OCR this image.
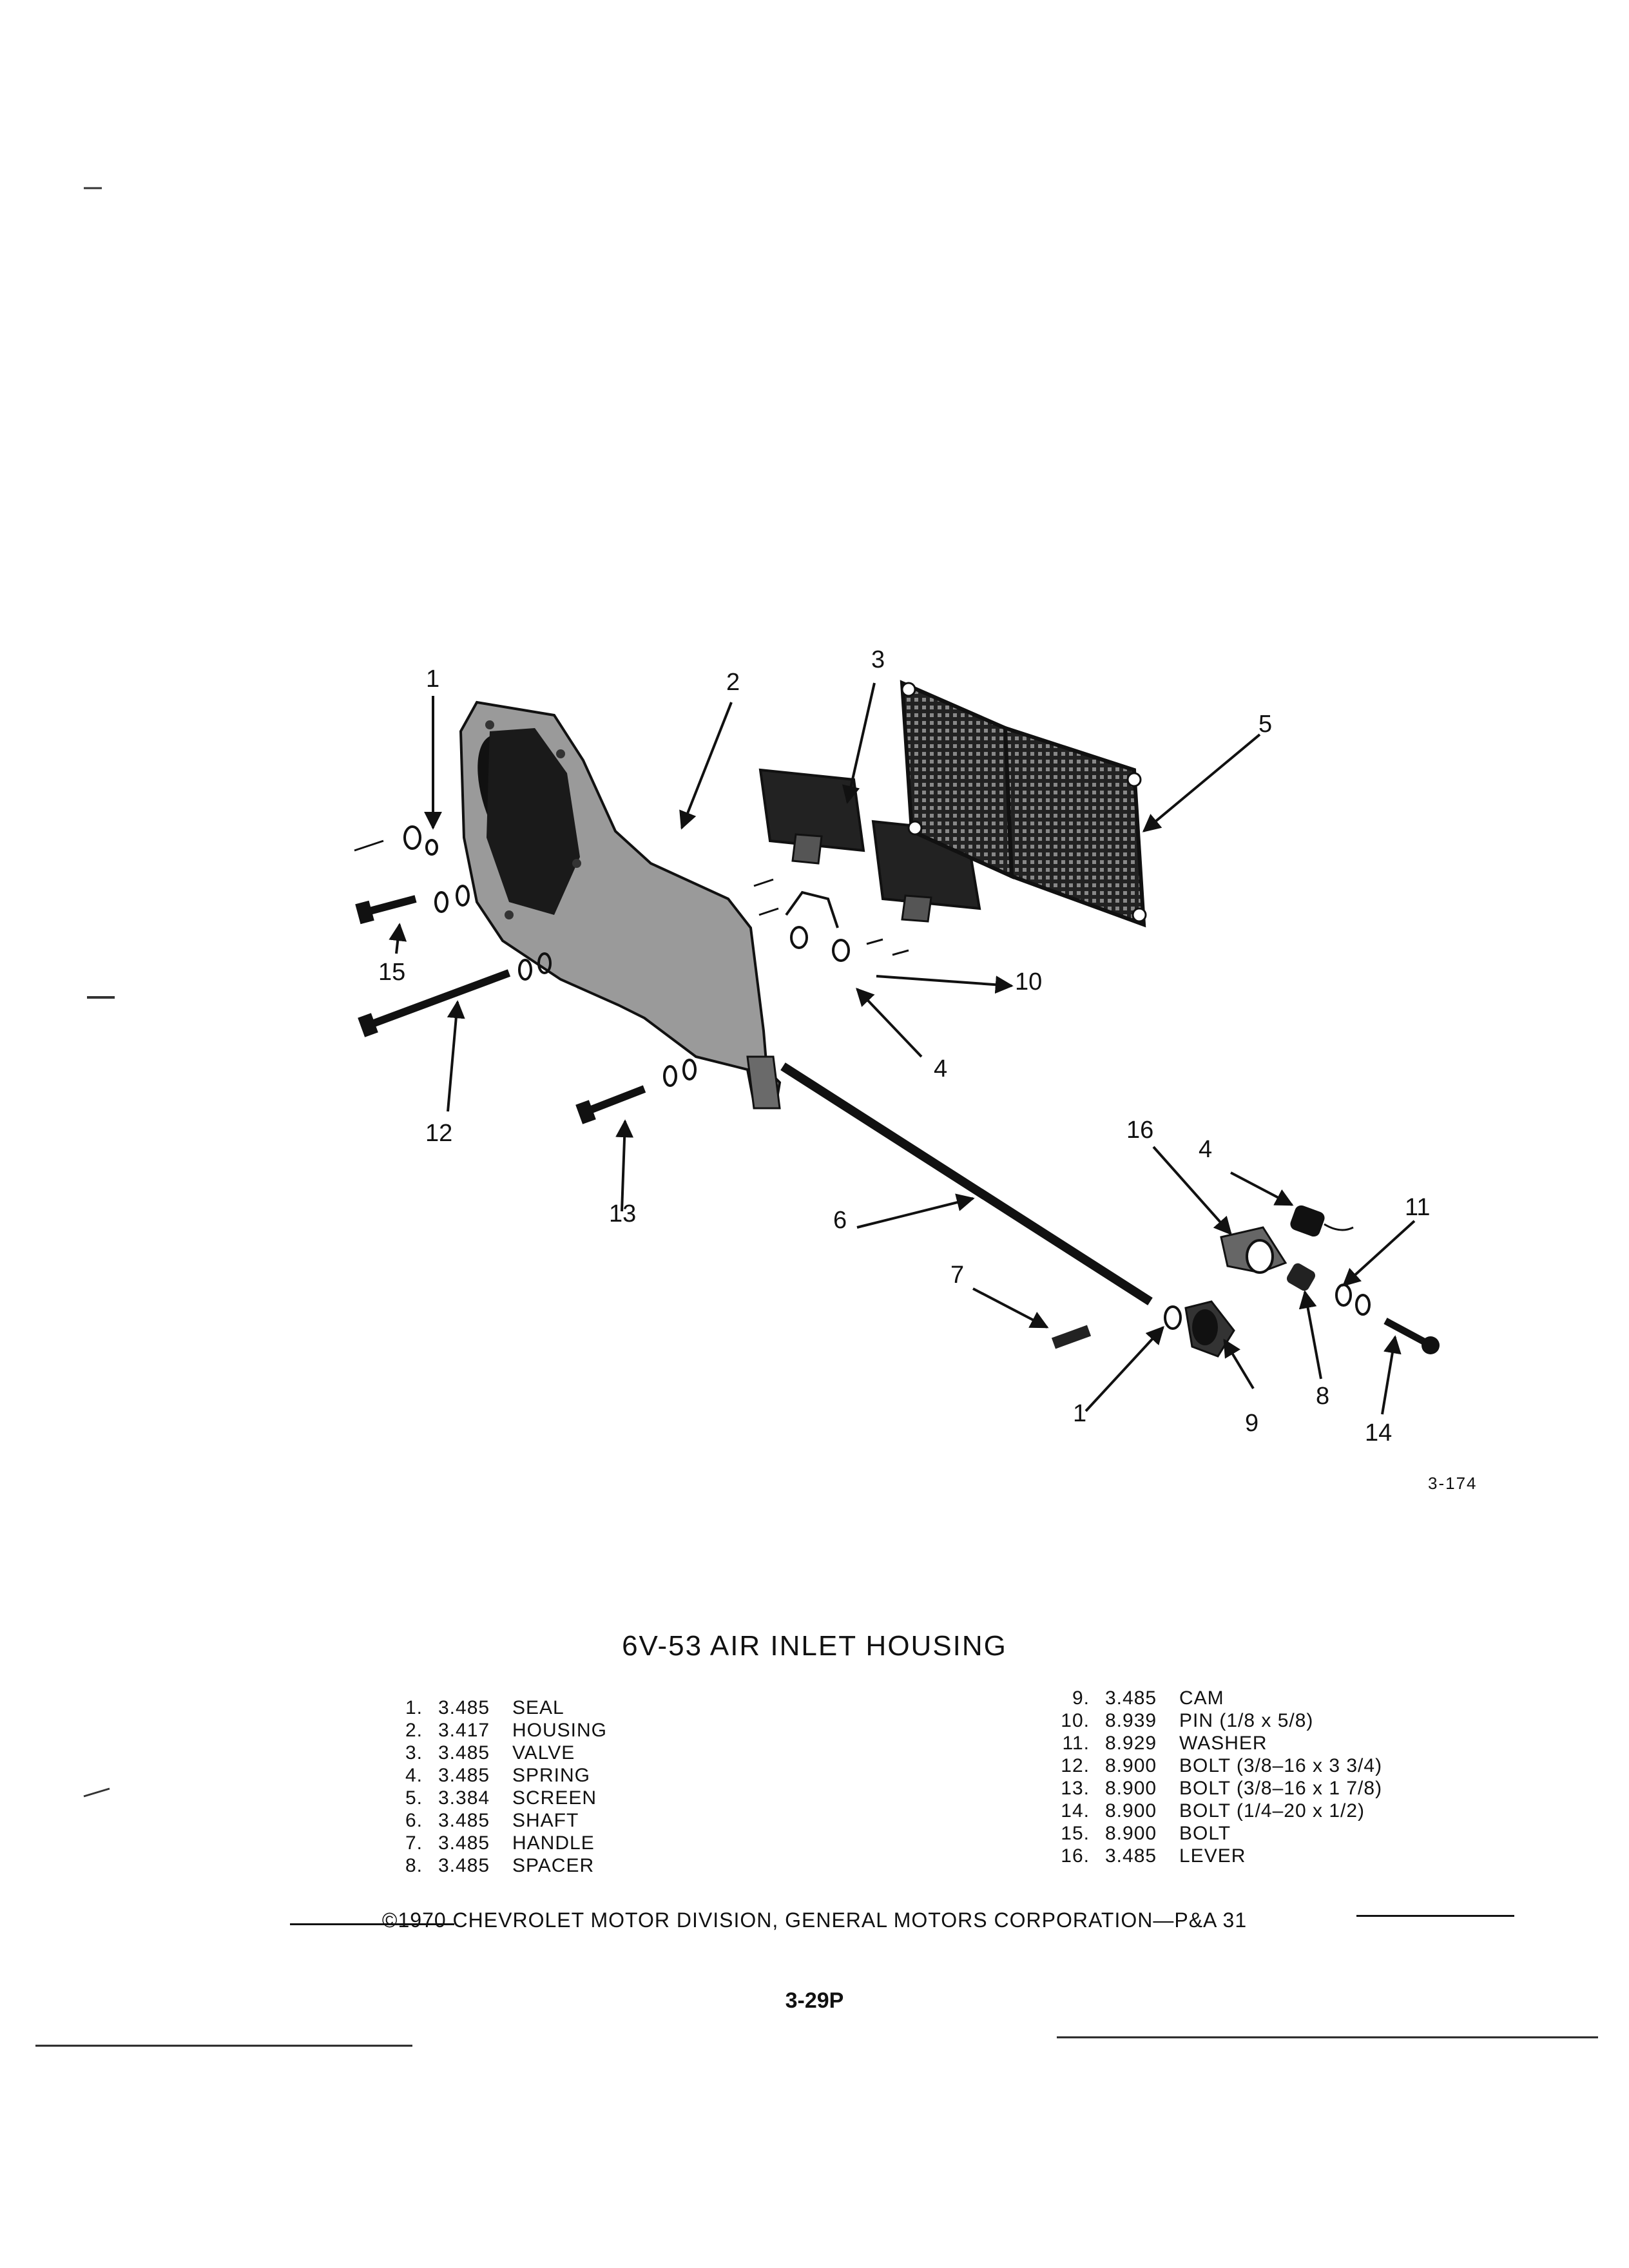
1	2
3
4
5
6
7
8
9
10
11
12
13
14
15
16
4
1
3-174
6V-53 AIR INLET HOUSING
1. 3.485 SEAL
2. 3.417 HOUSING
3. 3.485 VALVE
4. 3.485 SPRING
5. 3.384 SCREEN
6. 3.485 SHAFT
7. 3.485 HANDLE
8. 3.485 SPACER
9. 3.485 CAM
10. 8.939 PIN (1/8 x 5/8)
11. 8.929 WASHER
12. 8.900 BOLT (3/8–16 x 3 3/4)
13. 8.900 BOLT (3/8–16 x 1 7/8)
14. 8.900 BOLT (1/4–20 x 1/2)
15. 8.900 BOLT
16. 3.485 LEVER
©1970 CHEVROLET MOTOR DIVISION, GENERAL MOTORS CORPORATION—P&A 31
3-29P
